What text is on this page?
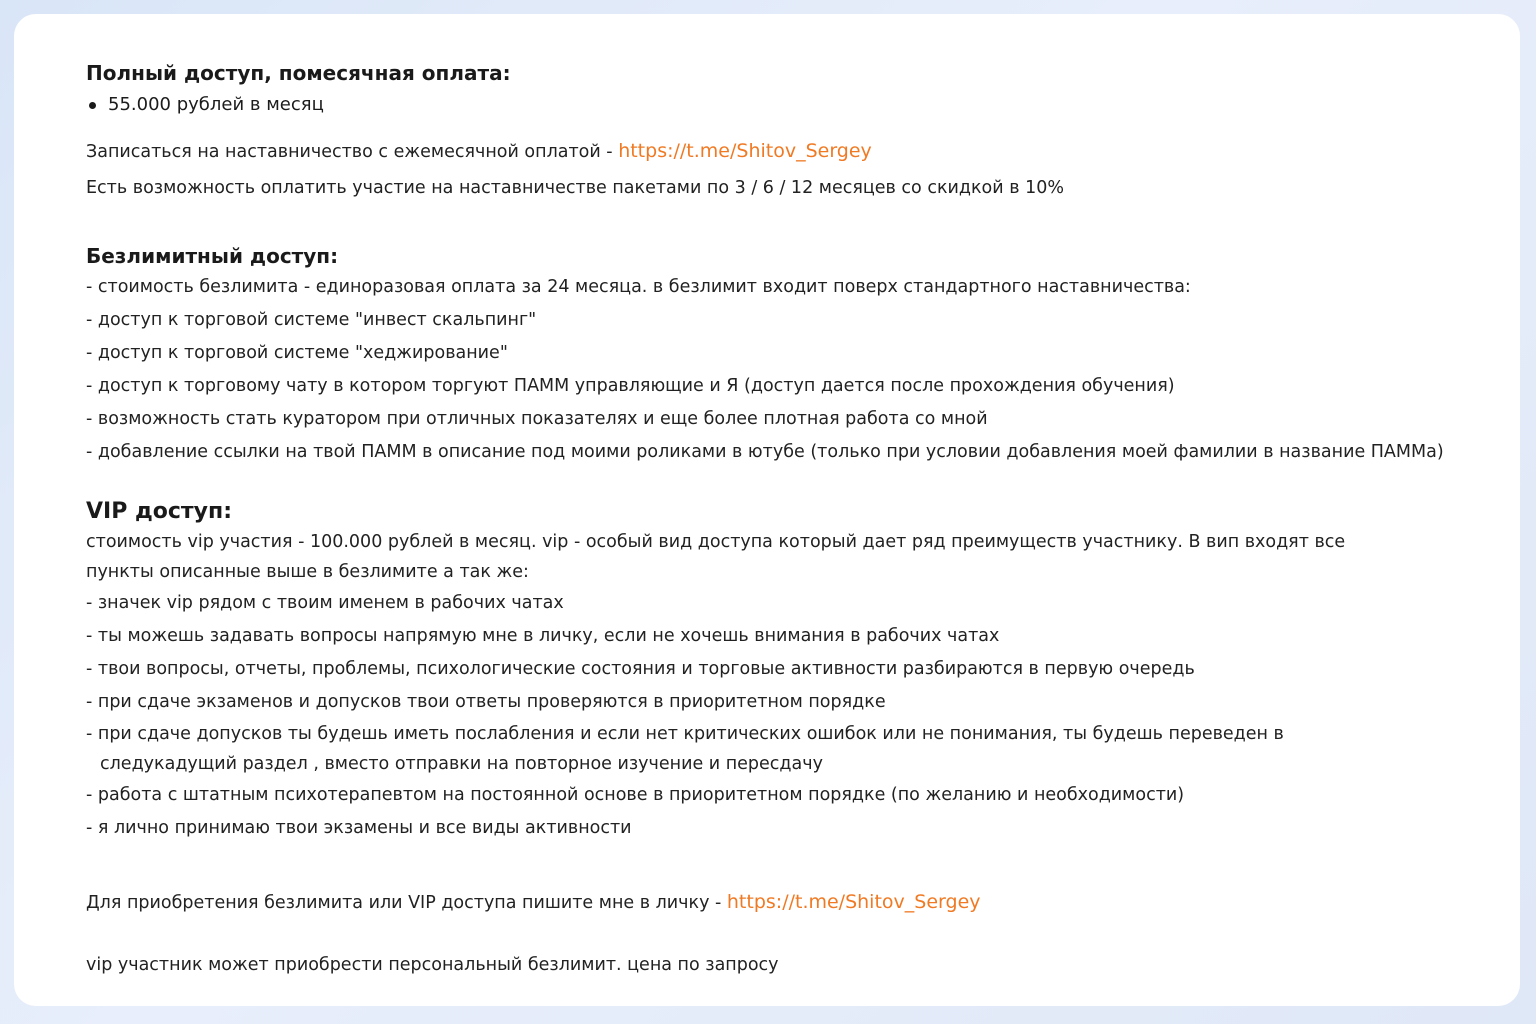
Полный доступ, помесячная оплата:
55.000 рублей в месяц

Записаться на наставничество с ежемесячной оплатой - https://t.me/Shitov_Sergey

Есть возможность оплатить участие на наставничестве пакетами по 3 / 6 / 12 месяцев со скидкой в 10%

Безлимитный доступ:
- стоимость безлимита - единоразовая оплата за 24 месяца. в безлимит входит поверх стандартного наставничества:
- доступ к торговой системе "инвест скальпинг"
- доступ к торговой системе "хеджирование"
- доступ к торговому чату в котором торгуют ПАММ управляющие и Я (доступ дается после прохождения обучения)
- возможность стать куратором при отличных показателях и еще более плотная работа со мной
- добавление ссылки на твой ПАММ в описание под моими роликами в ютубе (только при условии добавления моей фамилии в название ПАММа)
VIP доступ:

стоимость vip участия - 100.000 рублей в месяц. vip - особый вид доступа который дает ряд преимуществ участнику. В вип входят все пункты описанные выше в безлимите а так же:

- значек vip рядом с твоим именем в рабочих чатах
- ты можешь задавать вопросы напрямую мне в личку, если не хочешь внимания в рабочих чатах
- твои вопросы, отчеты, проблемы, психологические состояния и торговые активности разбираются в первую очередь
- при сдаче экзаменов и допусков твои ответы проверяются в приоритетном порядке
- при сдаче допусков ты будешь иметь послабления и если нет критических ошибок или не понимания, ты будешь переведен в следукадущий раздел , вместо отправки на повторное изучение и пересдачу
- работа с штатным психотерапевтом на постоянной основе в приоритетном порядке (по желанию и необходимости)
- я лично принимаю твои экзамены и все виды активности

Для приобретения безлимита или VIP доступа пишите мне в личку - https://t.me/Shitov_Sergey

vip участник может приобрести персональный безлимит. цена по запросу
